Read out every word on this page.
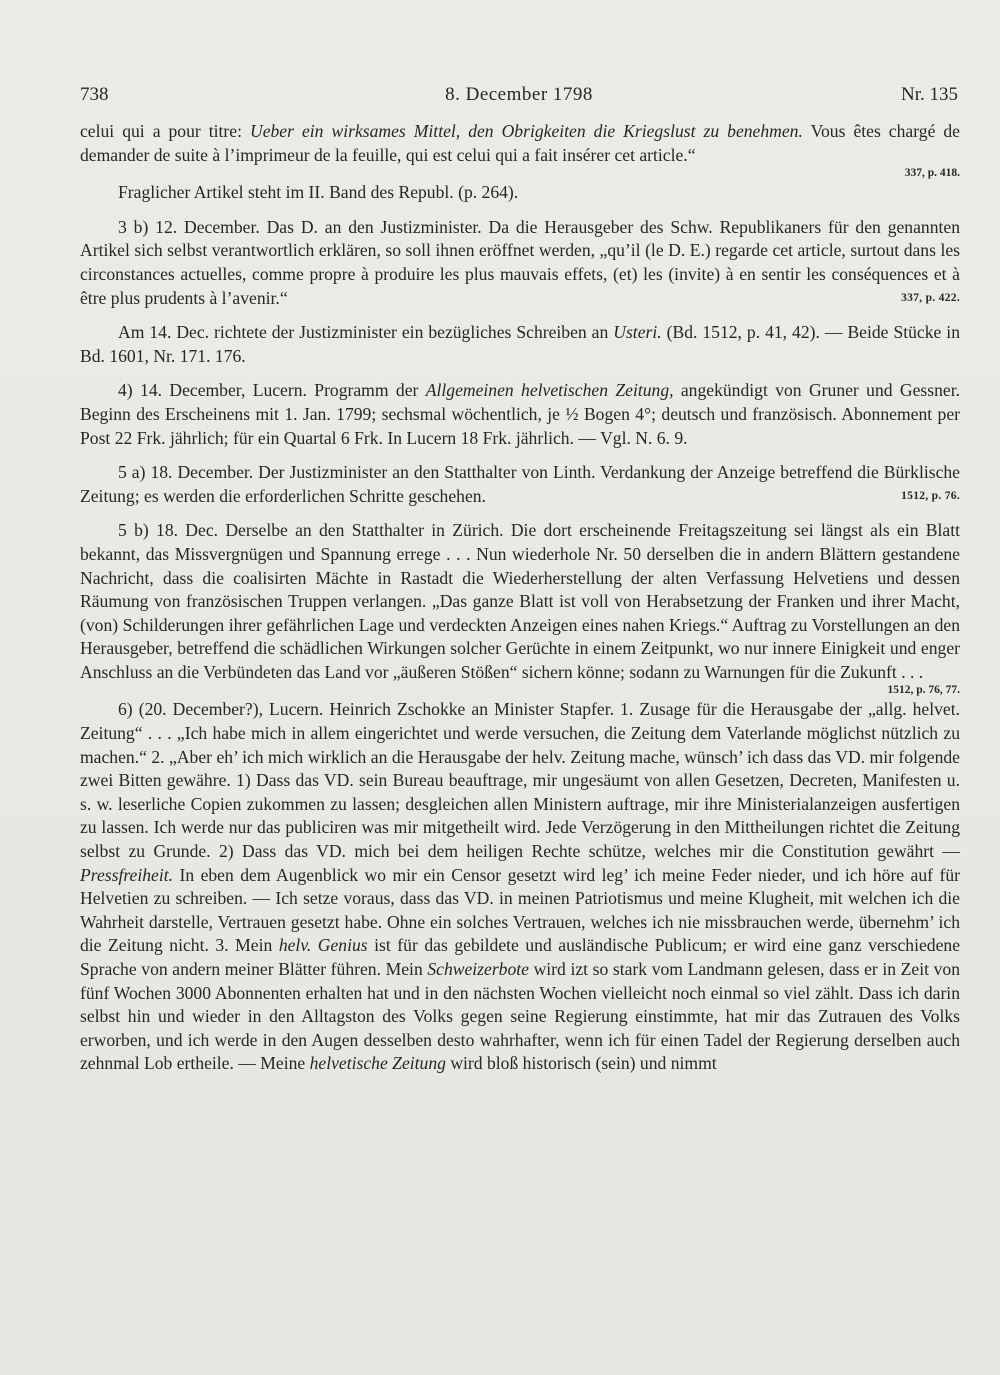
738	8. December 1798	Nr. 135

celui qui a pour titre: Ueber ein wirksames Mittel, den Obrigkeiten die Kriegslust zu benehmen. Vous êtes chargé de demander de suite à l’imprimeur de la feuille, qui est celui qui a fait insérer cet article.“

337, p. 418.

Fraglicher Artikel steht im II. Band des Republ. (p. 264).

3 b) 12. December. Das D. an den Justizminister. Da die Herausgeber des Schw. Republikaners für den genannten Artikel sich selbst verantwortlich erklären, so soll ihnen eröffnet werden, „qu’il (le D. E.) regarde cet article, surtout dans les circonstances actuelles, comme propre à produire les plus mauvais effets, (et) les (invite) à en sentir les conséquences et à être plus prudents à l’avenir.“	337, p. 422.

Am 14. Dec. richtete der Justizminister ein bezügliches Schreiben an Usteri. (Bd. 1512, p. 41, 42). — Beide Stücke in Bd. 1601, Nr. 171. 176.

4) 14. December, Lucern. Programm der Allgemeinen helvetischen Zeitung, angekündigt von Gruner und Gessner. Beginn des Erscheinens mit 1. Jan. 1799; sechsmal wöchentlich, je ½ Bogen 4°; deutsch und französisch. Abonnement per Post 22 Frk. jährlich; für ein Quartal 6 Frk. In Lucern 18 Frk. jährlich. — Vgl. N. 6. 9.

5 a) 18. December. Der Justizminister an den Statthalter von Linth. Verdankung der Anzeige betreffend die Bürklische Zeitung; es werden die erforderlichen Schritte geschehen.	1512, p. 76.

5 b) 18. Dec. Derselbe an den Statthalter in Zürich. Die dort erscheinende Freitagszeitung sei längst als ein Blatt bekannt, das Missvergnügen und Spannung errege . . . Nun wiederhole Nr. 50 derselben die in andern Blättern gestandene Nachricht, dass die coalisirten Mächte in Rastadt die Wiederherstellung der alten Verfassung Helvetiens und dessen Räumung von französischen Truppen verlangen. „Das ganze Blatt ist voll von Herabsetzung der Franken und ihrer Macht, (von) Schilderungen ihrer gefährlichen Lage und verdeckten Anzeigen eines nahen Kriegs.“ Auftrag zu Vorstellungen an den Herausgeber, betreffend die schädlichen Wirkungen solcher Gerüchte in einem Zeitpunkt, wo nur innere Einigkeit und enger Anschluss an die Verbündeten das Land vor „äußeren Stößen“ sichern könne; sodann zu Warnungen für die Zukunft . . .

1512, p. 76, 77.

6) (20. December?), Lucern. Heinrich Zschokke an Minister Stapfer. 1. Zusage für die Herausgabe der „allg. helvet. Zeitung“ . . . „Ich habe mich in allem eingerichtet und werde versuchen, die Zeitung dem Vaterlande möglichst nützlich zu machen.“ 2. „Aber eh’ ich mich wirklich an die Herausgabe der helv. Zeitung mache, wünsch’ ich dass das VD. mir folgende zwei Bitten gewähre. 1) Dass das VD. sein Bureau beauftrage, mir ungesäumt von allen Gesetzen, Decreten, Manifesten u. s. w. leserliche Copien zukommen zu lassen; desgleichen allen Ministern auftrage, mir ihre Ministerialanzeigen ausfertigen zu lassen. Ich werde nur das publiciren was mir mitgetheilt wird. Jede Verzögerung in den Mittheilungen richtet die Zeitung selbst zu Grunde. 2) Dass das VD. mich bei dem heiligen Rechte schütze, welches mir die Constitution gewährt — Pressfreiheit. In eben dem Augenblick wo mir ein Censor gesetzt wird leg’ ich meine Feder nieder, und ich höre auf für Helvetien zu schreiben. — Ich setze voraus, dass das VD. in meinen Patriotismus und meine Klugheit, mit welchen ich die Wahrheit darstelle, Vertrauen gesetzt habe. Ohne ein solches Vertrauen, welches ich nie missbrauchen werde, übernehm’ ich die Zeitung nicht. 3. Mein helv. Genius ist für das gebildete und ausländische Publicum; er wird eine ganz verschiedene Sprache von andern meiner Blätter führen. Mein Schweizerbote wird izt so stark vom Landmann gelesen, dass er in Zeit von fünf Wochen 3000 Abonnenten erhalten hat und in den nächsten Wochen vielleicht noch einmal so viel zählt. Dass ich darin selbst hin und wieder in den Alltagston des Volks gegen seine Regierung einstimmte, hat mir das Zutrauen des Volks erworben, und ich werde in den Augen desselben desto wahrhafter, wenn ich für einen Tadel der Regierung derselben auch zehnmal Lob ertheile. — Meine helvetische Zeitung wird bloß historisch (sein) und nimmt
